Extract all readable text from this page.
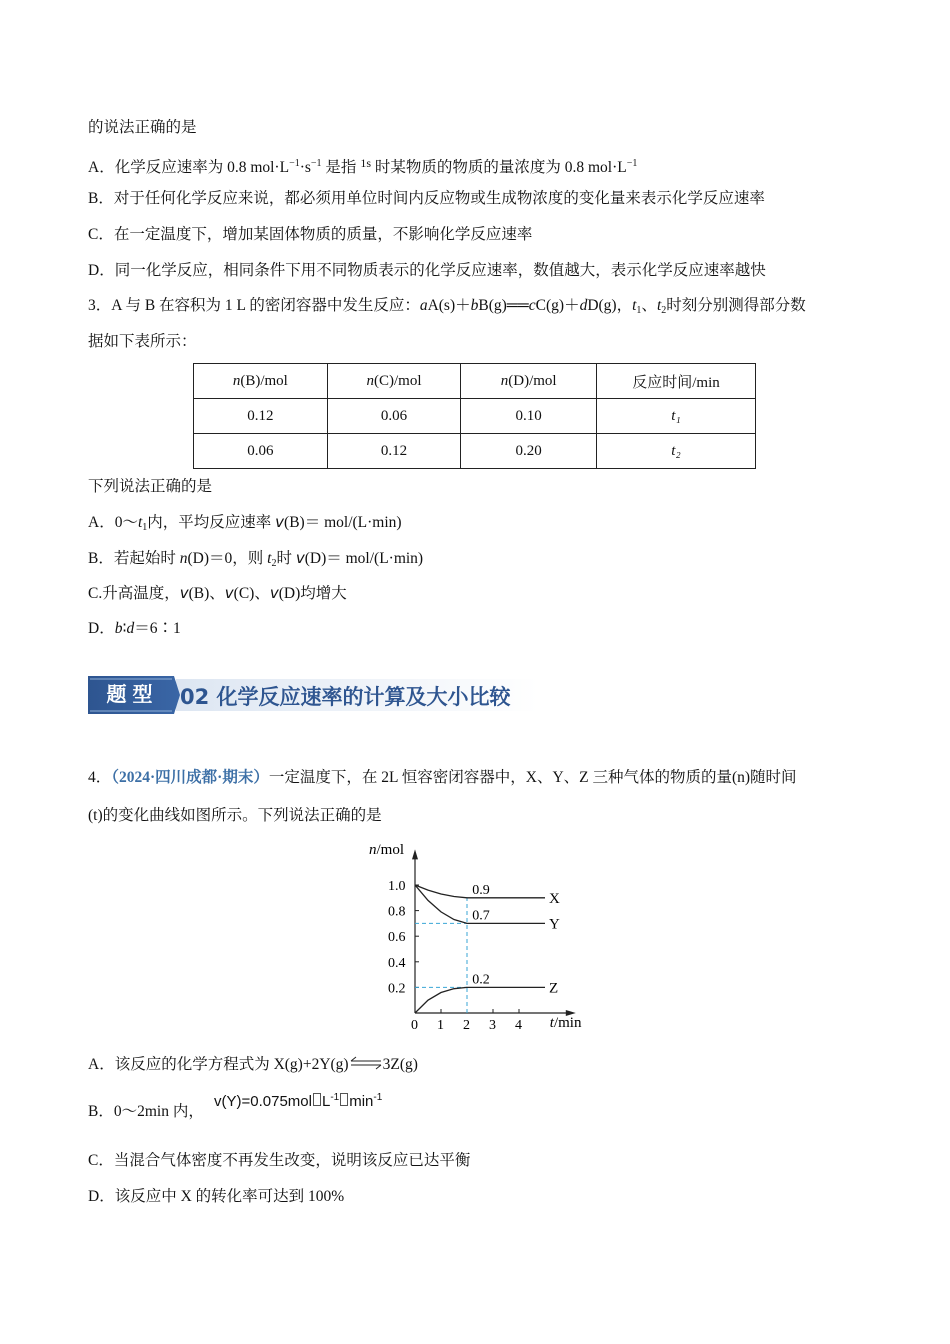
的说法正确的是
A．化学反应速率为 0.8 $mol\cdot L^{-1}\cdot s^{-1}$ 是指 $^{1s}$ 时某物质的物质的量浓度为 0.8 $mol\cdot L^{-1}$
B．对于任何化学反应来说，都必须用单位时间内反应物或生成物浓度的变化量来表示化学反应速率
C．在一定温度下，增加某固体物质的质量，不影响化学反应速率
D．同一化学反应，相同条件下用不同物质表示的化学反应速率，数值越大，表示化学反应速率越快
3．A 与 B 在容积为 1 L 的密闭容器中发生反应：aA(s)＋bB(g)══cC(g)＋dD(g)，$t_1$、$t_2$时刻分别测得部分数
据如下表所示：
n(B)/mol	n(C)/mol	n(D)/mol	反应时间/min
0.12	0.06	0.10	t₁
0.06	0.12	0.20	t₂
下列说法正确的是
A．$0\sim t_1$内，平均反应速率 v(B)＝ mol/(L·min)
B．若起始时 n(D)＝0，则 $t_2$时 v(D)＝ mol/(L·min)
C.升高温度，v(B)、v(C)、v(D)均增大
D．b∶d＝6∶1
题型	02 化学反应速率的计算及大小比较
4．（2024·四川成都·期末）一定温度下，在 2L 恒容密闭容器中，X、Y、Z 三种气体的物质的量(n)随时间
(t)的变化曲线如图所示。下列说法正确的是
n/mol
t/min
0 1 2 3 4
0.2
0.4
0.6
0.8
1.0	0.9
X
0.7
Y
0.2
Z
A．该反应的化学方程式为 X(g)+2Y(g)⇌3Z(g)
B．0～2min 内，
v(Y)=0.075mol $L^{-1}$ $\min^{-1}$
C．当混合气体密度不再发生改变，说明该反应已达平衡
D．该反应中 X 的转化率可达到 100%
